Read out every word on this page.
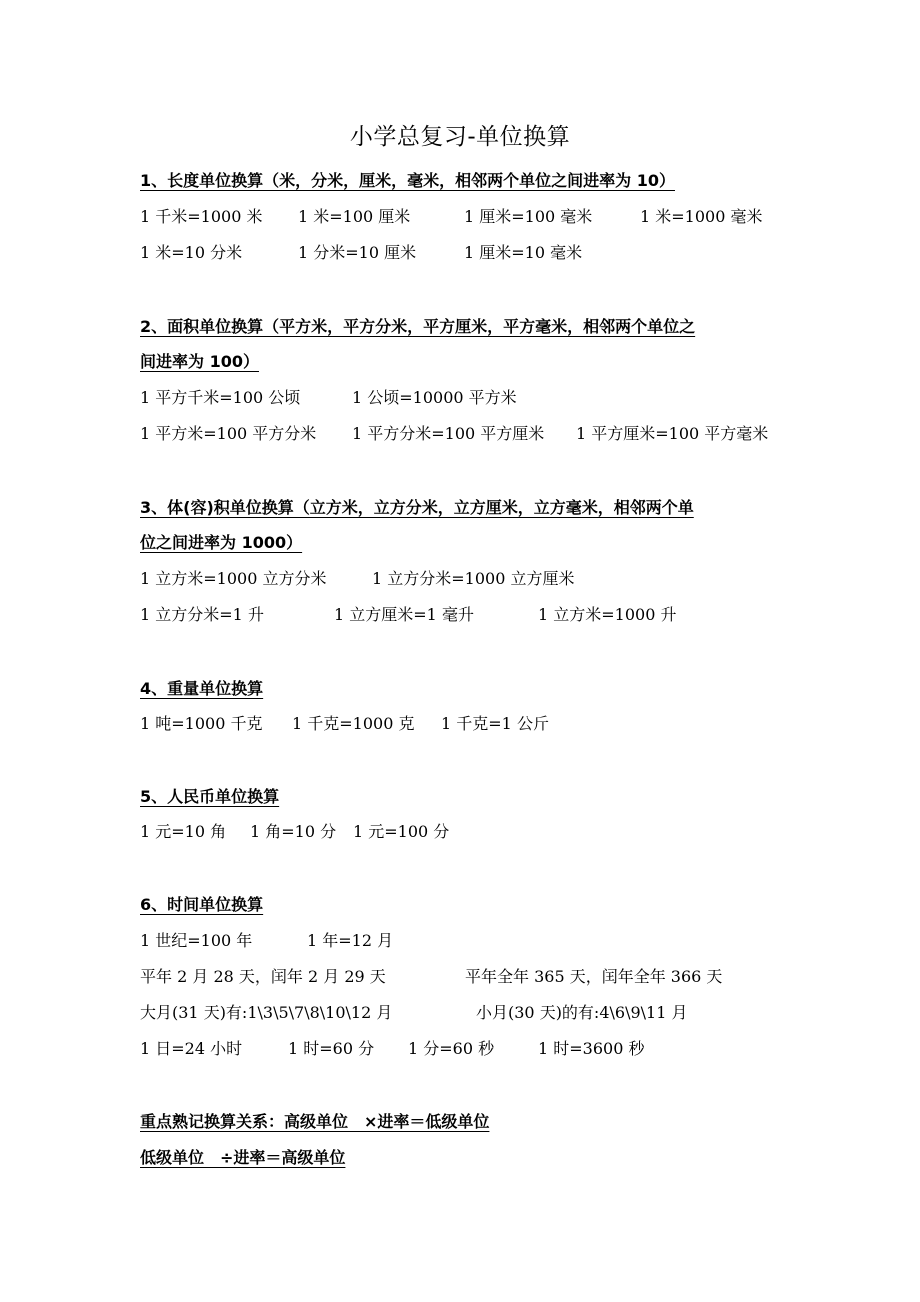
小学总复习-单位换算
1、长度单位换算（米，分米，厘米，毫米，相邻两个单位之间进率为 10）
1 千米=1000 米 1 米=100 厘米	1 厘米=100 毫米	1 米=1000 毫米
1 米=10 分米	1 分米=10 厘米	1 厘米=10 毫米
2、面积单位换算（平方米，平方分米，平方厘米，平方毫米，相邻两个单位之
间进率为 100）
1 平方千米=100 公顷	1 公顷=10000 平方米
1 平方米=100 平方分米 1 平方分米=100 平方厘米 1 平方厘米=100 平方毫米
3、体(容)积单位换算（立方米，立方分米，立方厘米，立方毫米，相邻两个单
位之间进率为 1000）
1 立方米=1000 立方分米	1 立方分米=1000 立方厘米
1 立方分米=1 升	1 立方厘米=1 毫升	1 立方米=1000 升
4、重量单位换算
1 吨=1000 千克 1 千克=1000 克 1 千克=1 公斤
5、人民币单位换算
1 元=10 角 1 角=10 分 1 元=100 分
6、时间单位换算
1 世纪=100 年	1 年=12 月
平年 2 月 28 天，闰年 2 月 29 天	平年全年 365 天，闰年全年 366 天
大月(31 天)有:1\3\5\7\8\10\12 月	小月(30 天)的有:4\6\9\11 月
1 日=24 小时	1 时=60 分 1 分=60 秒	1 时=3600 秒
重点熟记换算关系：高级单位　×进率＝低级单位
低级单位　÷进率＝高级单位
